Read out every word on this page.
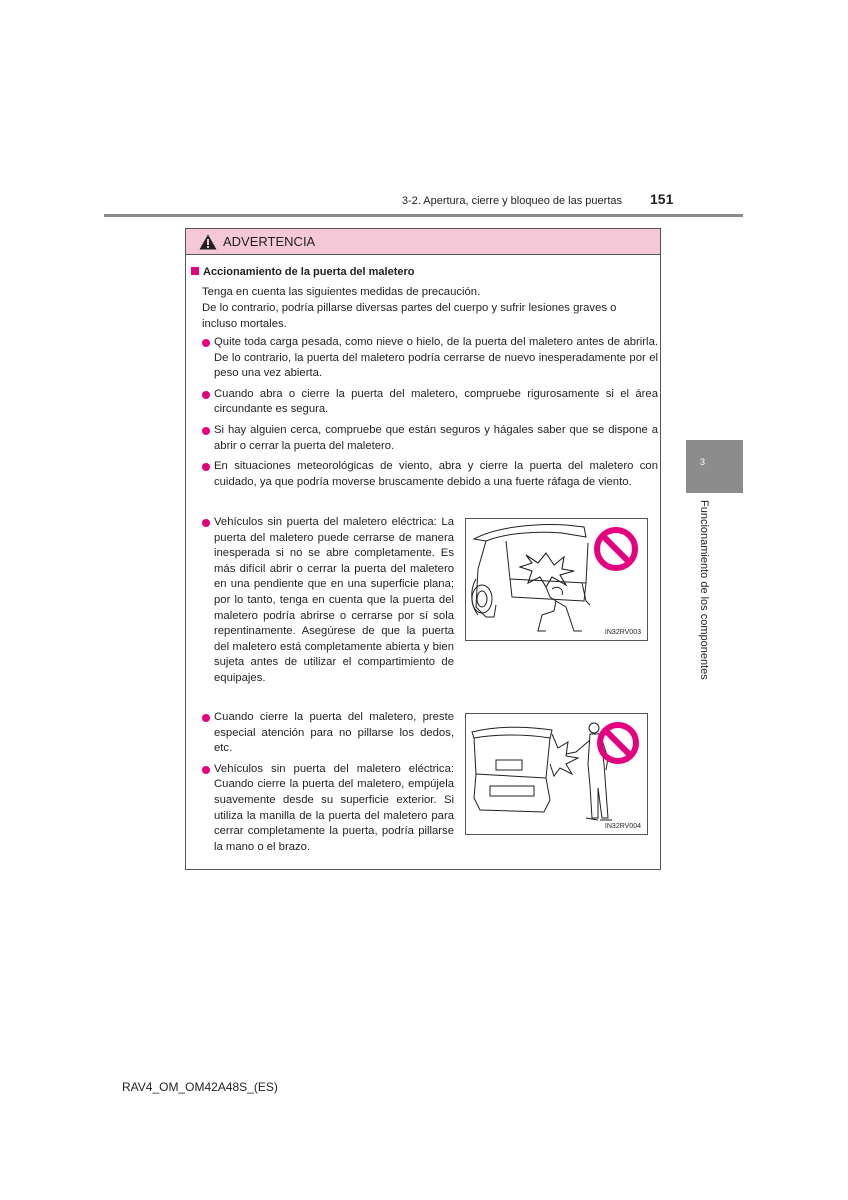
3-2. Apertura, cierre y bloqueo de las puertas 151
3
Funcionamiento de los componentes
ADVERTENCIA
Accionamiento de la puerta del maletero

Tenga en cuenta las siguientes medidas de precaución.

De lo contrario, podría pillarse diversas partes del cuerpo y sufrir lesiones graves o incluso mortales.

Quite toda carga pesada, como nieve o hielo, de la puerta del maletero antes de abrirla. De lo contrario, la puerta del maletero podría cerrarse de nuevo inesperadamente por el peso una vez abierta.
Cuando abra o cierre la puerta del maletero, compruebe rigurosamente si el área circundante es segura.
Si hay alguien cerca, compruebe que están seguros y hágales saber que se dispone a abrir o cerrar la puerta del maletero.
En situaciones meteorológicas de viento, abra y cierre la puerta del maletero con cuidado, ya que podría moverse bruscamente debido a una fuerte ráfaga de viento.
Vehículos sin puerta del maletero eléctrica: La puerta del maletero puede cerrarse de manera inesperada si no se abre completamente. Es más difícil abrir o cerrar la puerta del maletero en una pendiente que en una superficie plana; por lo tanto, tenga en cuenta que la puerta del maletero podría abrirse o cerrarse por sí sola repentinamente. Asegúrese de que la puerta del maletero está completamente abierta y bien sujeta antes de utilizar el compartimiento de equipajes.
IN32RV003
Cuando cierre la puerta del maletero, preste especial atención para no pillarse los dedos, etc.
Vehículos sin puerta del maletero eléctrica: Cuando cierre la puerta del maletero, empújela suavemente desde su superficie exterior. Si utiliza la manilla de la puerta del maletero para cerrar completamente la puerta, podría pillarse la mano o el brazo.
IN32RV004
RAV4_OM_OM42A48S_(ES)
